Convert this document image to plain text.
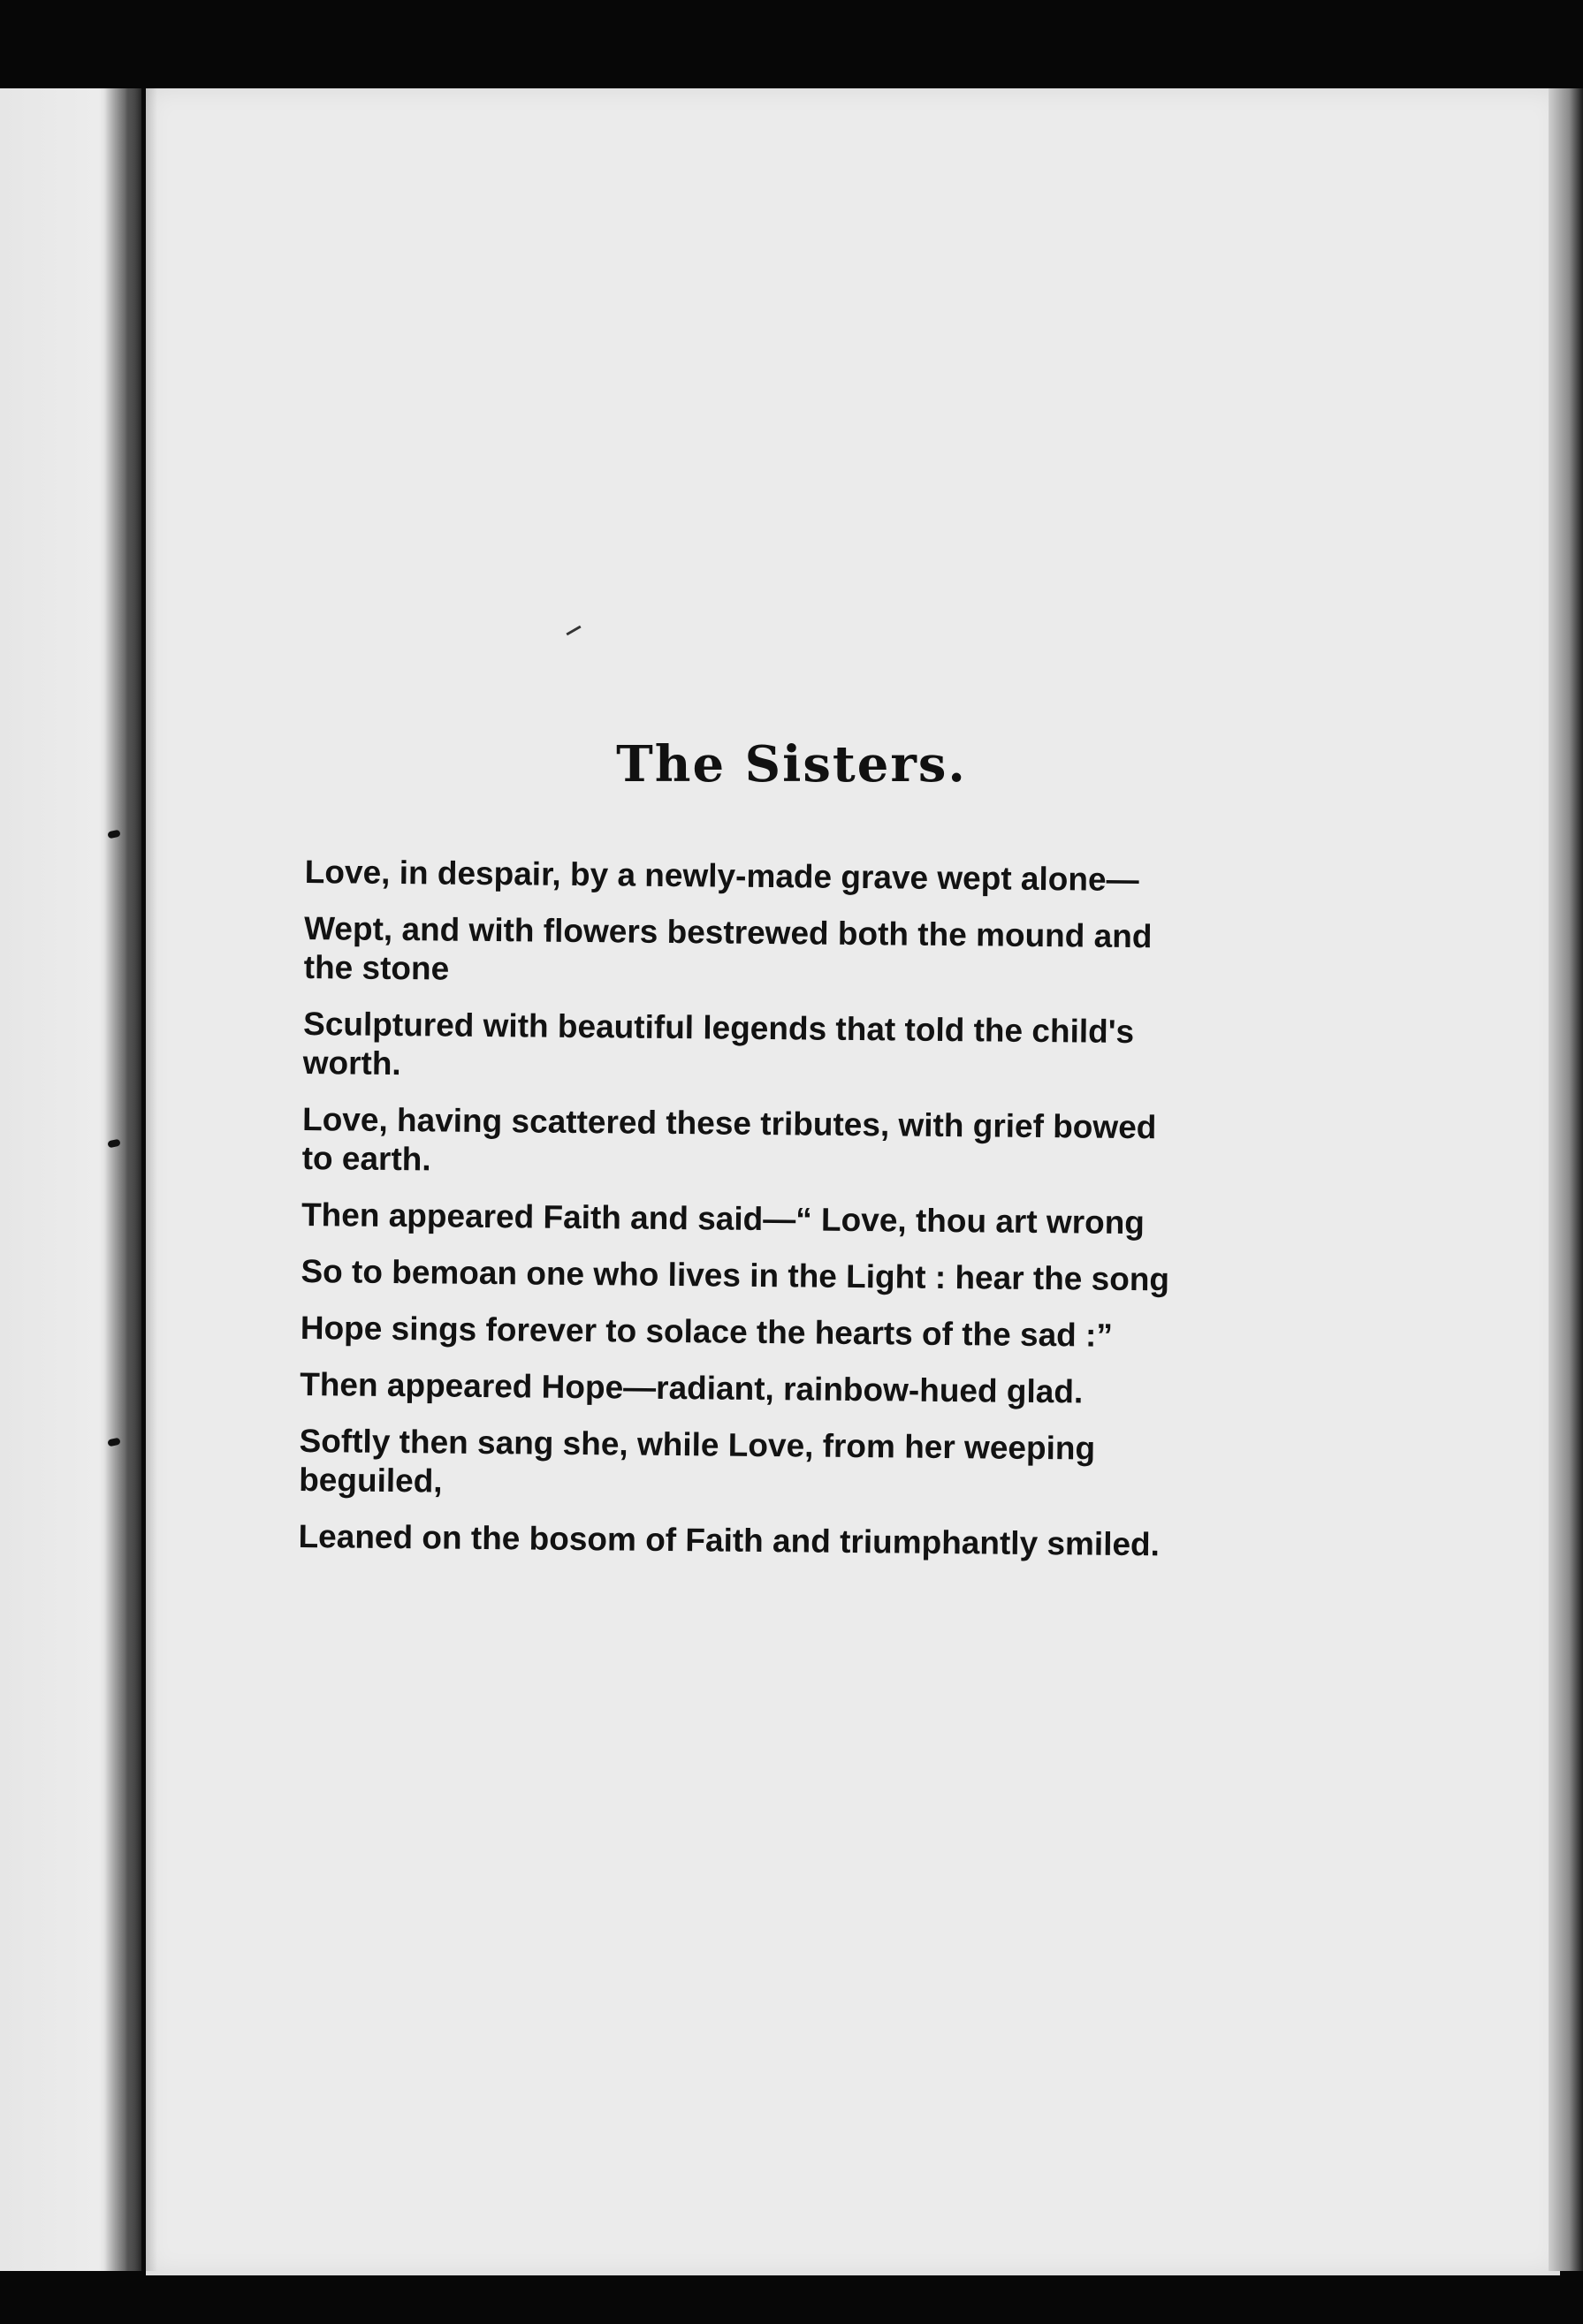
The Sisters.

Love, in despair, by a newly-made grave wept alone—

Wept, and with flowers bestrewed both the mound and
the stone

Sculptured with beautiful legends that told the child's
worth.

Love, having scattered these tributes, with grief bowed
to earth.

Then appeared Faith and said—“ Love, thou art wrong

So to bemoan one who lives in the Light : hear the song

Hope sings forever to solace the hearts of the sad :”

Then appeared Hope—radiant, rainbow-hued glad.

Softly then sang she, while Love, from her weeping
beguiled,

Leaned on the bosom of Faith and triumphantly smiled.
